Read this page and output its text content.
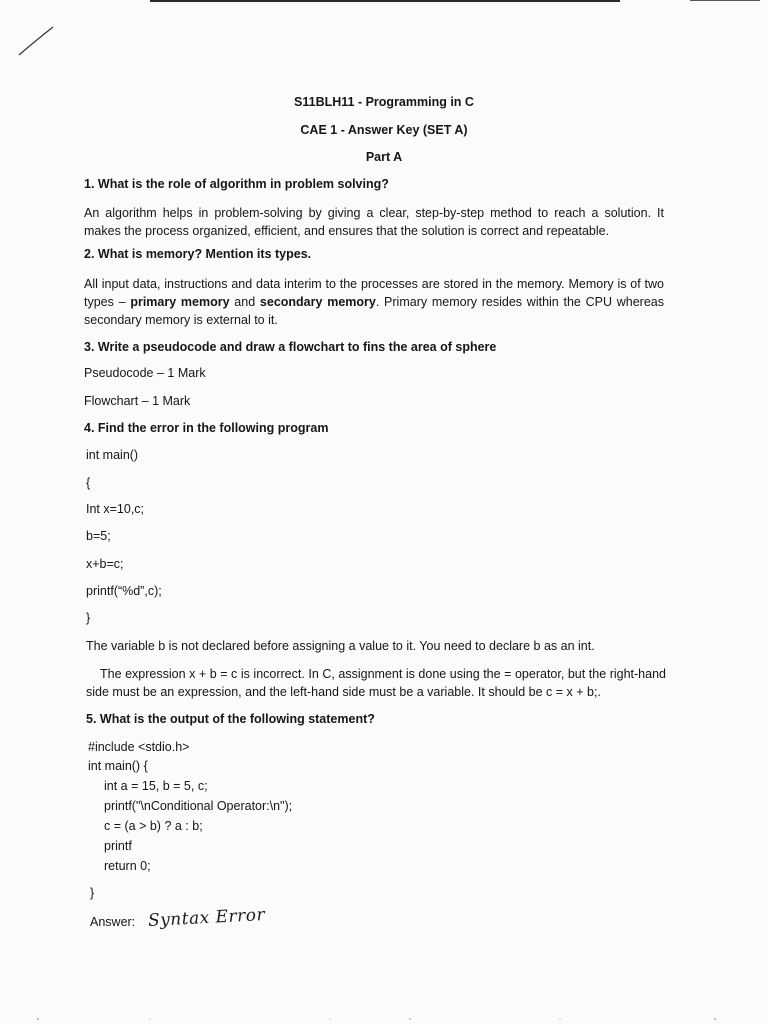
S11BLH11 - Programming in C
CAE 1 - Answer Key (SET A)
Part A
1. What is the role of algorithm in problem solving?
An algorithm helps in problem-solving by giving a clear, step-by-step method to reach a solution. It makes the process organized, efficient, and ensures that the solution is correct and repeatable.
2. What is memory? Mention its types.
All input data, instructions and data interim to the processes are stored in the memory. Memory is of two types – primary memory and secondary memory. Primary memory resides within the CPU whereas secondary memory is external to it.
3. Write a pseudocode and draw a flowchart to fins the area of sphere
Pseudocode – 1 Mark
Flowchart – 1 Mark
4. Find the error in the following program
int main()
{
Int x=10,c;
b=5;
x+b=c;
printf(“%d”,c);
}
The variable b is not declared before assigning a value to it. You need to declare b as an int.
The expression x + b = c is incorrect. In C, assignment is done using the = operator, but the right-hand side must be an expression, and the left-hand side must be a variable. It should be c = x + b;.
5. What is the output of the following statement?
#include <stdio.h>
int main() {
int a = 15, b = 5, c;
printf("\nConditional Operator:\n");
c = (a > b) ? a : b;
printf
return 0;
}
Answer: Syntax Error
